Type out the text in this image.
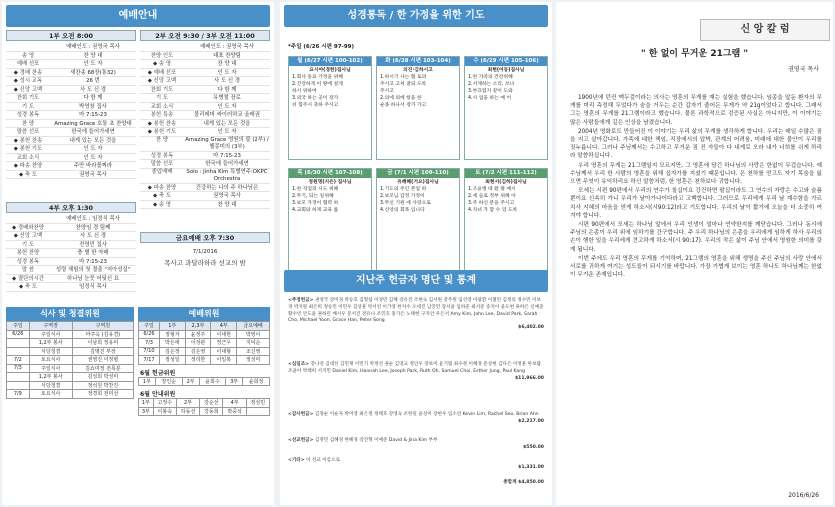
예배안내
1부 오전 8:00
예배인도 : 권영국 목사
송 영	찬 양 대
예배 선포	인 도 자
◆ 경배 찬송	새찬송 68장(통32)
◆ 성시 교독	26 번
◆ 신앙 고백	사 도 신 경
찬회 기도	다 함 께
기 도	박영창 집사
성경 봉독	마 7:15-23
찬 양	Amazing Grace 호둘 초 찬양대
말씀 선포	한국에 들어가세연
◆ 봉헌 찬송	내게 있는 모든 것을
◆ 봉헌 기도	인 도 자
교회 소식	인 도 자
◆ 파송 찬양	주만 바라볼찌라
◆ 축 도	권영국 목사
2부 오전 9:30 / 3부 오전 11:00
예배인도 : 권영국 목사
찬양 인도	대표 찬양팀
◆ 송 영	찬 양 대
◆ 예배 선포	인 도 자
◆ 신앙 고백	사 도 신 경
찬회 기도	다 함 께
기 도	유병철 장로
교회 소식	인 도 자
봉헌 특송	블리레머 싸이러하교 올레권
◆ 봉헌 찬송	내게 있는 모든 것을
◆ 봉헌 기도	인 도 자
찬 양	Amazing Grace 영원의 불 (2부) / 헬몽미의 (3부)
성경 봉독	마 7:15-23
말씀 선포	한국에 들어가세연
졸업예배	Solo : Jinha Kim 특별연주:OKPC Orchestra
◆ 파송 찬양	건강하는 나의 주 하나님은
◆ 축 도	권영국 목사
◆ 송 영	찬 양 대
4부 오후 1:30
예배인도 : 임정식 목사
◆ 경배와찬양	찬양임 경 팀째
◆ 신앙 고백	사 도 신 경
기 도	전영민 집사
봉헌 찬양	충 별 한 자매
성경 봉독	마 7:15-23
말 씀	성령 체험의 첫 결출 "저아성실"
◆ 결단의시간	하나님 눈뭇 어딪신 요
◆ 축 도	임정식 목사
금요예배 오후 7:30
7/1/2016
목사고 과달라하라 선교의 밤
식사 및 청결위원
주일	구역장	구역원
6/26	주일식사	마주옥 (김유경)
	1,2부 봉사	이남희 정유미
	식당청결	김명진 부장
7/2	토요식사	권영진 이정렬
7/3	주일식사	김쇼미정 전목분
	1,2부 봉사	김성희 박성미
	식당청결	정석원 박찬진
7/9	토요식사	정경희 전미선
예배위원
주일	1부	2,3부	4부	금요예배
6/26	정형자	윤정주	이대현	박영이
7/3	박은애	이성관	정근우	지덕순
7/10	김은정	김은영	이대형	조신영
7/17	정성일	정리한	이일복	정성미
6월 헌금위원
1부	장인순	2부	윤희수	3부	윤희정
6월 안내위원
1부	고정수	2부	강순선	4부	정성민
3부	이봉숙	하동선	강동희	박중석	
성경통독 / 한 가정을 위한 기도
*주일 (6/26 시편 97-99)
월 (6/27 시편 100-102)
요시야(경한)집사님
1.회사 동료 가정을 위해
2.건강하게 이 땅에 살게
하시 위하여
3.외국 하는 공이 장가
쉬 힘주시 축하 주시고
화 (6/28 시편 103-104)
의진·김하시고
1.하시기 사는 협 토의
주시고 고처 잘되 도록
주시고
2.의에 외에 항을 한
순종 하나서 장가 가고
수 (6/29 시편 105-106)
최현(어동)집사님
1.한 가족의 건강위해
2.서재하는 소리, 쓰나
3.부끄럽지 같이 도와
4.사 업을 하는 예 어
목 (6/30 시편 107-108)
정원명(지은) 집사님
1.한 직업의 시도 위해
2.무기, 되는 일위해
3.보모 가정이 협력 하
4.교회와 하게 교육 를
금 (7/1 시편 109-110)
유해혜(거요)집사님
1.기도의 주인 본업 하
2.보모님 감정 가정이
3.무신 기원 에 사랑으로
4.신앙의 회목 입니다
토 (7/2 시편 111-112)
최현서(김하)집사님
1.조윤병 대 왔 딸 예시
2.세 들로 정부 위해 아
3.주 하신 분을 주시고
4.자녀 가 할 수 있 도록
지난주 헌금자 명단 및 통계
<주정헌금> 권영국 강미경 박승호 김형섭 이경민 김해 강유진 조현숙 김서원 강주원 임선영 이광환 이철민 김정의 정수민 이보경 박지원 최은희 정승민 이민우 김상훈 박서연 이가영 한지수 오세진 남궁민 장서윤 임하준 최서준 송지아 윤도현 류하은 신예준 황수빈 안도윤 권하린 배시우 문서진 전유나 조민호 홍가은 노태현 구지안 우은서 Amy Kim, John Lee, David Park, Sarah Cho, Michael Yoon, Grace Han, Peter Song
$6,402.00
<십일조> 강나연 김대선 김민재 이민기 박정선 권순 김영교 정인우 강보미 윤기범 최수정 이혜경 문상현 김다은 이정훈 한보람 조윤아 박태희 서지민 Daniel Kim, Hannah Lee, Joseph Park, Ruth Oh, Samuel Choi, Esther Jung, Paul Kang
$11,966.00
<감사헌금> 김정순 이순자 박미영 최은정 정태호 강영숙 조한길 윤성미 장현우 임소연 Kevin Lim, Rachel Seo, Brian Ahn
$2,217.00
<선교헌금> 김정민 김혜경 한혜경 강진혁 이예준 David & Jina Kim 부부
$550.00
<기타> 이 선교 이름으로
$1,331.00
총합계 $4,850.00
신 앙 칼 럼
" 한 없이 무거운 21그램 "
권영국 목사

1900년에 던컨 맥두걸이라는 의사는 영혼의 무게를 재는 실험을 했습니다. 임종을 앞둔 환자의 무게를 미리 측정해 두었다가 숨을 거두는 순간 갑자기 줄어든 무게가 약 21g이었다고 합니다. 그래서 그는 영혼의 무게를 21그램이라고 했습니다. 물론 과학적으로 검증된 사실은 아니지만, 이 이야기는 많은 사람들에게 깊은 인상을 남겼습니다.

2004년 영화로도 만들어진 이 이야기는 우리 삶의 무게를 생각하게 합니다. 우리는 매일 수많은 짐을 지고 살아갑니다. 가족에 대한 책임, 직장에서의 압박, 관계의 어려움, 미래에 대한 불안이 우리를 짓누릅니다. 그러나 주님께서는 수고하고 무거운 짐 진 자들아 다 내게로 오라 내가 너희를 쉬게 하리라 말씀하십니다.

우리 영혼의 무게는 21그램일지 모르지만, 그 영혼에 담긴 하나님의 사랑은 한없이 무겁습니다. 예수님께서 우리 한 사람의 영혼을 위해 십자가를 지셨기 때문입니다. 온 천하를 얻고도 자기 목숨을 잃으면 무엇이 유익하리요 하신 말씀처럼, 한 영혼은 천하보다 귀합니다.

모세는 시편 90편에서 우리의 연수가 칠십이요 강건하면 팔십이라도 그 연수의 자랑은 수고와 슬픔뿐이요 신속히 가니 우리가 날아가나이다라고 고백합니다. 그러므로 우리에게 우리 날 계수함을 가르치사 지혜의 마음을 얻게 하소서(시90:12)라고 기도합니다. 우리의 날이 짧기에 오늘을 더 소중히 여겨야 합니다.

시편 90편에서 모세는 하나님 앞에서 우리 인생이 얼마나 연약한지를 깨닫습니다. 그러나 동시에 주님의 은총이 우리 위에 임하기를 간구합니다. 주 우리 하나님의 은총을 우리에게 임하게 하사 우리의 손이 행한 일을 우리에게 견고하게 하소서(시 90:17). 우리의 작은 삶이 주님 안에서 영원한 의미를 갖게 됩니다.

이번 주에도 우리 영혼의 무게를 기억하며, 21그램의 영혼을 위해 생명을 주신 주님의 사랑 안에서 서로를 귀하게 여기는 성도들이 되시기를 바랍니다. 가장 가볍게 보이는 영혼 하나도 하나님께는 한없이 무거운 존재입니다.

2016/6/26
